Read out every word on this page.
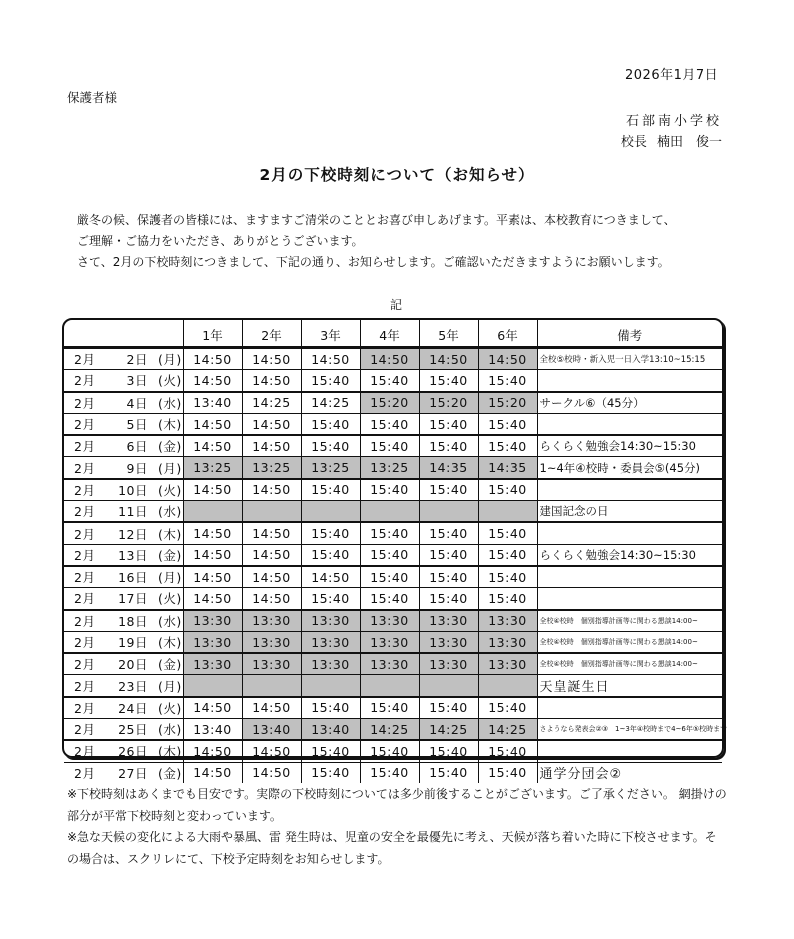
2026年1月7日
保護者様
石部南小学校
校長 楠田　俊一
2月の下校時刻について（お知らせ）

厳冬の候、保護者の皆様には、ますますご清栄のこととお喜び申しあげます。平素は、本校教育につきまして、

ご理解・ご協力をいただき、ありがとうございます。

さて、2月の下校時刻につきまして、下記の通り、お知らせします。ご確認いただきますようにお願いします。

記
	1年	2年	3年	4年	5年	6年	備考
2月 2日 (月)	14:50	14:50	14:50	14:50	14:50	14:50	全校⑤校時・新入児一日入学13:10~15:15
2月 3日 (火)	14:50	14:50	15:40	15:40	15:40	15:40	
2月 4日 (水)	13:40	14:25	14:25	15:20	15:20	15:20	サークル⑥（45分）
2月 5日 (木)	14:50	14:50	15:40	15:40	15:40	15:40	
2月 6日 (金)	14:50	14:50	15:40	15:40	15:40	15:40	らくらく勉強会14:30~15:30
2月 9日 (月)	13:25	13:25	13:25	13:25	14:35	14:35	1~4年④校時・委員会⑤(45分)
2月 10日 (火)	14:50	14:50	15:40	15:40	15:40	15:40	
2月 11日 (水)							建国記念の日
2月 12日 (木)	14:50	14:50	15:40	15:40	15:40	15:40	
2月 13日 (金)	14:50	14:50	15:40	15:40	15:40	15:40	らくらく勉強会14:30~15:30
2月 16日 (月)	14:50	14:50	14:50	15:40	15:40	15:40	
2月 17日 (火)	14:50	14:50	15:40	15:40	15:40	15:40	
2月 18日 (水)	13:30	13:30	13:30	13:30	13:30	13:30	全校④校時　個別指導計画等に関わる懇談14:00~
2月 19日 (木)	13:30	13:30	13:30	13:30	13:30	13:30	全校④校時　個別指導計画等に関わる懇談14:00~
2月 20日 (金)	13:30	13:30	13:30	13:30	13:30	13:30	全校④校時　個別指導計画等に関わる懇談14:00~
2月 23日 (月)							天皇誕生日
2月 24日 (火)	14:50	14:50	15:40	15:40	15:40	15:40	
2月 25日 (水)	13:40	13:40	13:40	14:25	14:25	14:25	さようなら発表会②③　1~3年④校時まで4~6年⑤校時まで
2月 26日 (木)	14:50	14:50	15:40	15:40	15:40	15:40	
2月 27日 (金)	14:50	14:50	15:40	15:40	15:40	15:40	通学分団会②

※下校時刻はあくまでも目安です。実際の下校時刻については多少前後することがございます。ご了承ください。 網掛けの部分が平常下校時刻と変わっています。

※急な天候の変化による大雨や暴風、雷 発生時は、児童の安全を最優先に考え、天候が落ち着いた時に下校させます。その場合は、スクリレにて、下校予定時刻をお知らせします。
